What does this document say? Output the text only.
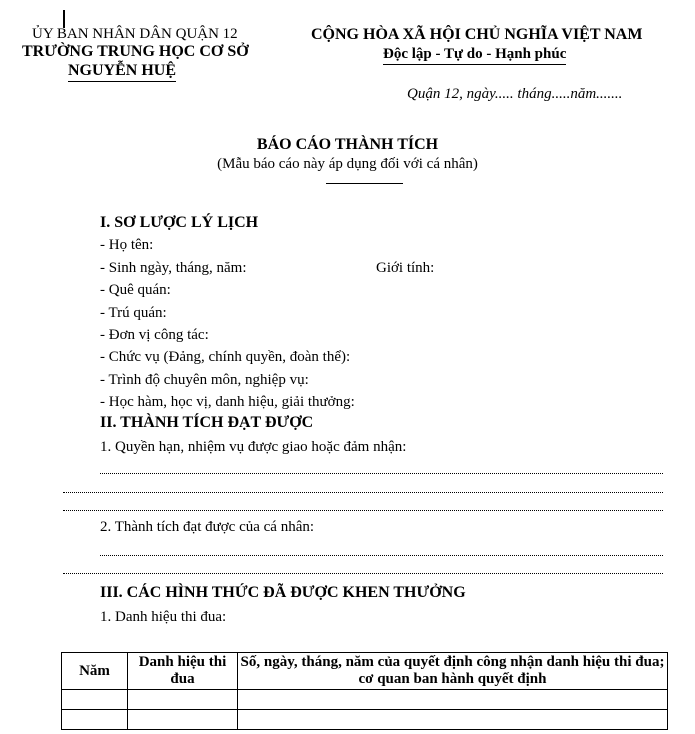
ỦY BAN NHÂN DÂN QUẬN 12
TRƯỜNG TRUNG HỌC CƠ SỞ
NGUYỄN HUỆ
CỘNG HÒA XÃ HỘI CHỦ NGHĨA VIỆT NAM
Độc lập - Tự do - Hạnh phúc
Quận 12, ngày..... tháng.....năm.......
BÁO CÁO THÀNH TÍCH
(Mẫu báo cáo này áp dụng đối với cá nhân)
I. SƠ LƯỢC LÝ LỊCH
- Họ tên:
- Sinh ngày, tháng, năm:	Giới tính:
- Quê quán:
- Trú quán:
- Đơn vị công tác:
- Chức vụ (Đảng, chính quyền, đoàn thể):
- Trình độ chuyên môn, nghiệp vụ:
- Học hàm, học vị, danh hiệu, giải thưởng:
II. THÀNH TÍCH ĐẠT ĐƯỢC
1. Quyền hạn, nhiệm vụ được giao hoặc đảm nhận:
2. Thành tích đạt được của cá nhân:
III. CÁC HÌNH THỨC ĐÃ ĐƯỢC KHEN THƯỞNG
1. Danh hiệu thi đua:
Năm	Danh hiệu thi đua	Số, ngày, tháng, năm của quyết định công nhận danh hiệu thi đua; cơ quan ban hành quyết định
